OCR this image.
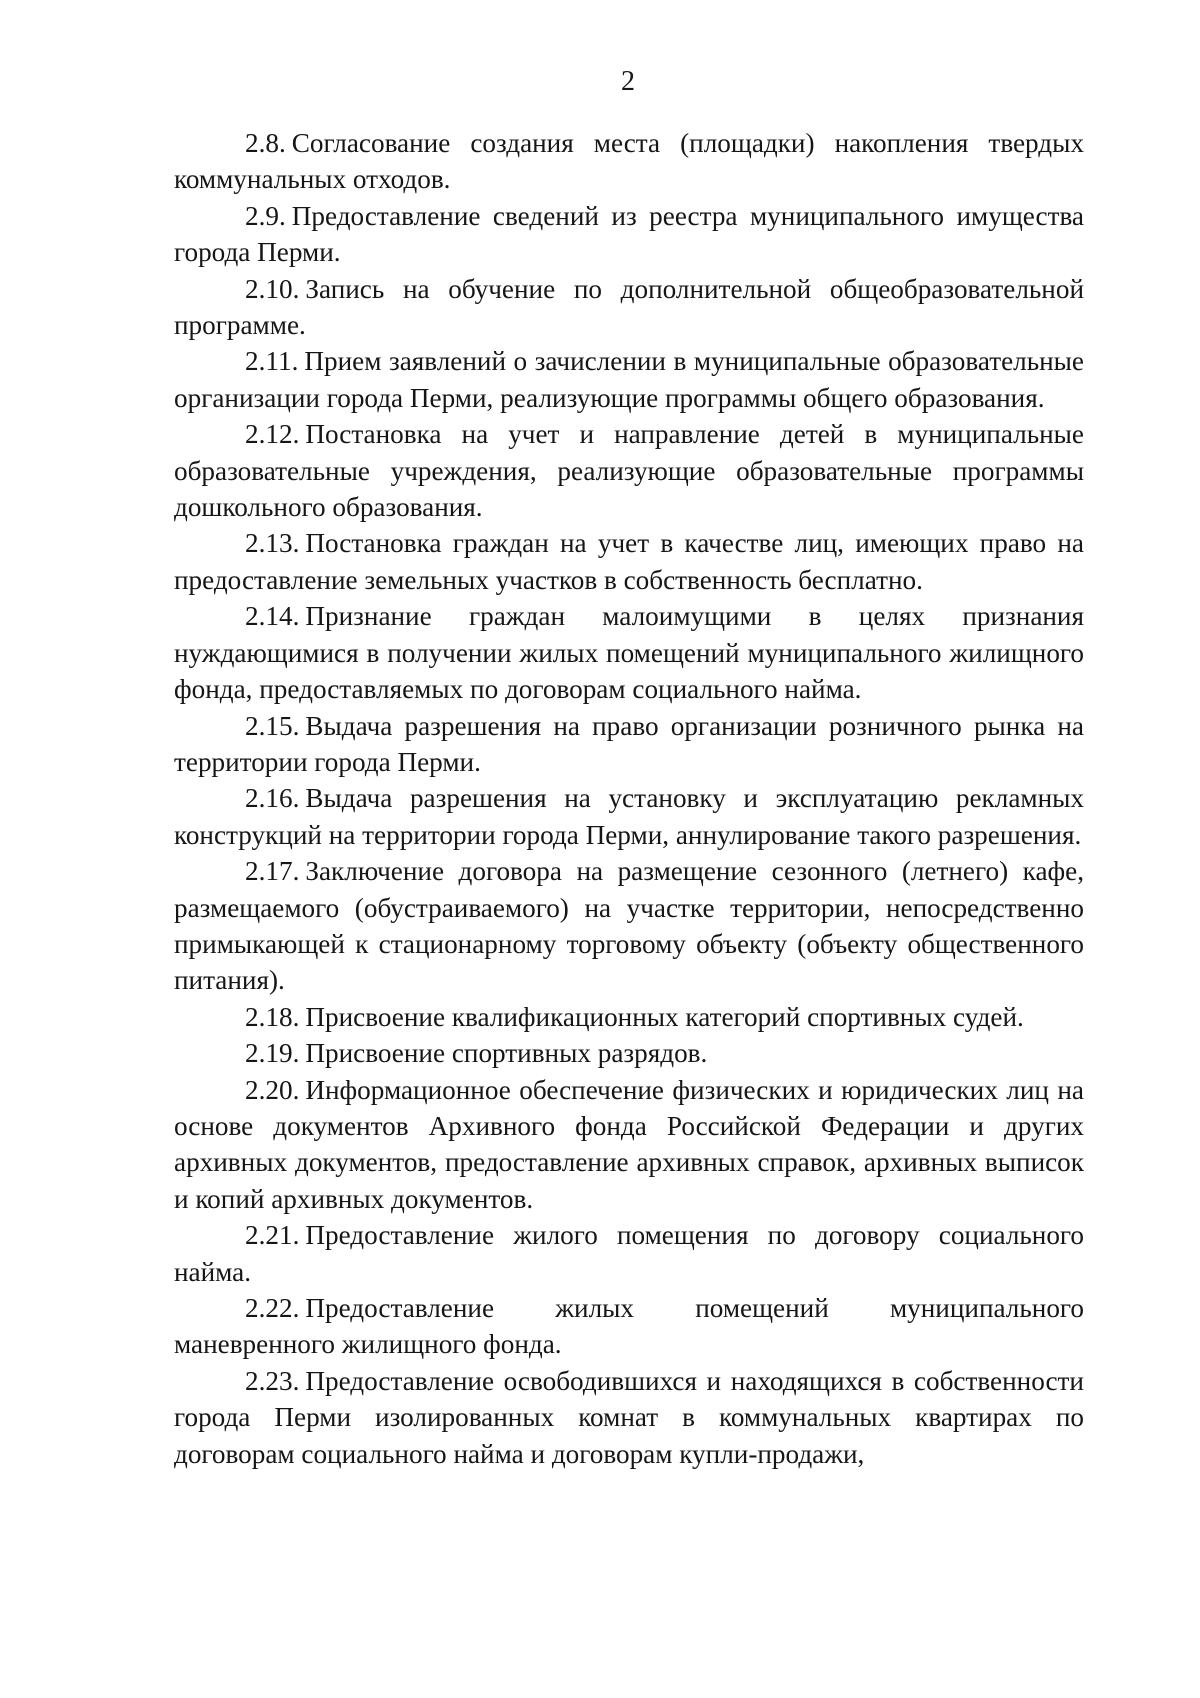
2

2.8. Согласование создания места (площадки) накопления твердых коммунальных отходов.

2.9. Предоставление сведений из реестра муниципального имущества города Перми.

2.10. Запись на обучение по дополнительной общеобразовательной программе.

2.11. Прием заявлений о зачислении в муниципальные образовательные организации города Перми, реализующие программы общего образования.

2.12. Постановка на учет и направление детей в муниципальные образовательные учреждения, реализующие образовательные программы дошкольного образования.

2.13. Постановка граждан на учет в качестве лиц, имеющих право на предоставление земельных участков в собственность бесплатно.

2.14. Признание граждан малоимущими в целях признания нуждающимися в получении жилых помещений муниципального жилищного фонда, предоставляемых по договорам социального найма.

2.15. Выдача разрешения на право организации розничного рынка на территории города Перми.

2.16. Выдача разрешения на установку и эксплуатацию рекламных конструкций на территории города Перми, аннулирование такого разрешения.

2.17. Заключение договора на размещение сезонного (летнего) кафе, размещаемого (обустраиваемого) на участке территории, непосредственно примыкающей к стационарному торговому объекту (объекту общественного питания).

2.18. Присвоение квалификационных категорий спортивных судей.

2.19. Присвоение спортивных разрядов.

2.20. Информационное обеспечение физических и юридических лиц на основе документов Архивного фонда Российской Федерации и других архивных документов, предоставление архивных справок, архивных выписок и копий архивных документов.

2.21. Предоставление жилого помещения по договору социального найма.

2.22. Предоставление жилых помещений муниципального маневренного жилищного фонда.

2.23. Предоставление освободившихся и находящихся в собственности города Перми изолированных комнат в коммунальных квартирах по договорам социального найма и договорам купли-продажи,
